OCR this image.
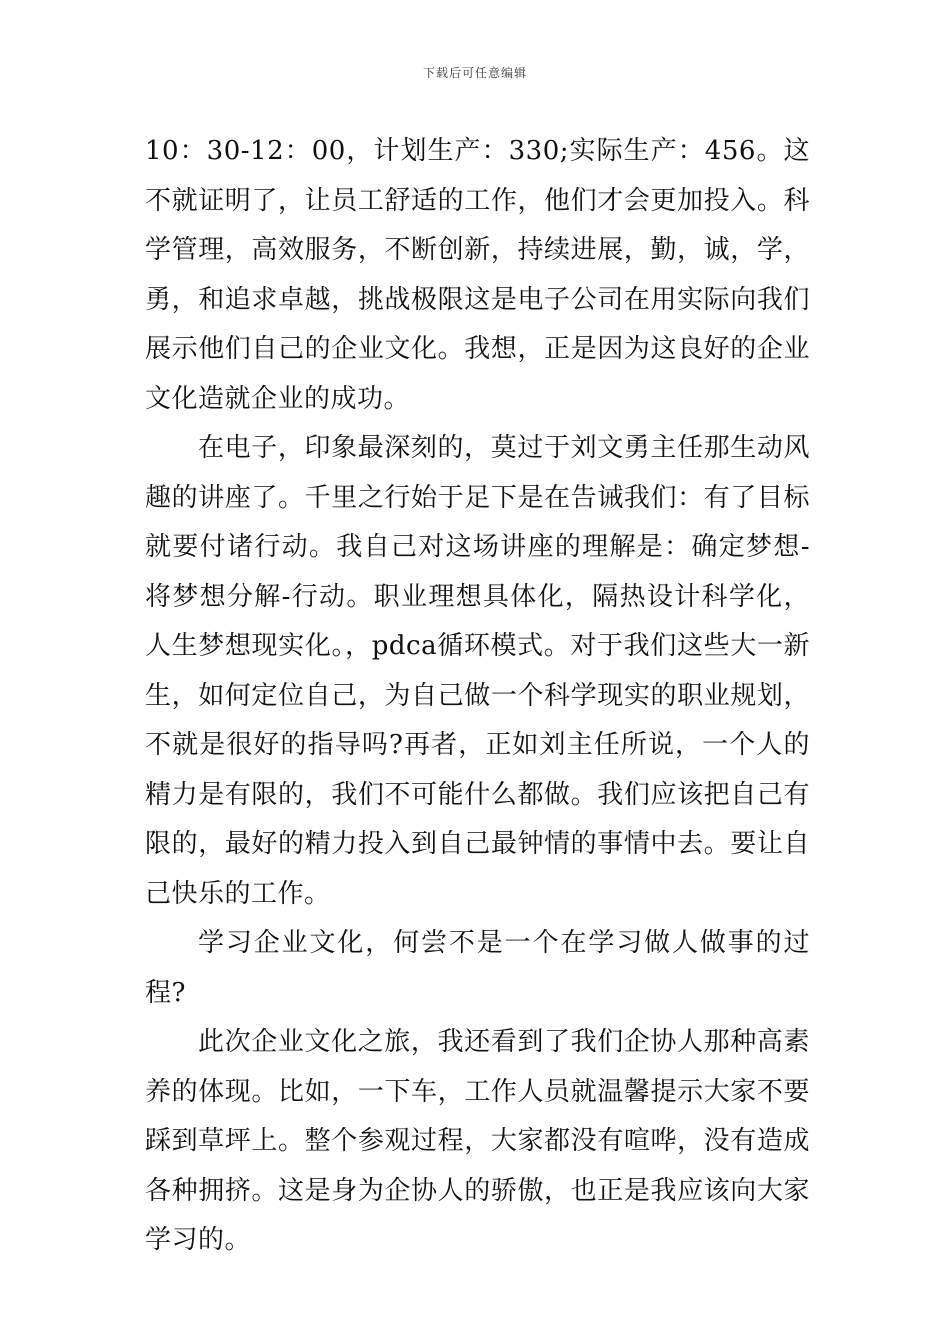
下载后可任意编辑

10：30-12：00，计划生产：330;实际生产：456。这不就证明了，让员工舒适的工作，他们才会更加投入。科学管理，高效服务，不断创新，持续进展，勤，诚，学，勇，和追求卓越，挑战极限这是电子公司在用实际向我们展示他们自己的企业文化。我想，正是因为这良好的企业文化造就企业的成功。

在电子，印象最深刻的，莫过于刘文勇主任那生动风趣的讲座了。千里之行始于足下是在告诫我们：有了目标就要付诸行动。我自己对这场讲座的理解是：确定梦想-将梦想分解-行动。职业理想具体化，隔热设计科学化，人生梦想现实化。，pdca循环模式。对于我们这些大一新生，如何定位自己，为自己做一个科学现实的职业规划，不就是很好的指导吗?再者，正如刘主任所说，一个人的精力是有限的，我们不可能什么都做。我们应该把自己有限的，最好的精力投入到自己最钟情的事情中去。要让自己快乐的工作。

学习企业文化，何尝不是一个在学习做人做事的过程?

此次企业文化之旅，我还看到了我们企协人那种高素养的体现。比如，一下车，工作人员就温馨提示大家不要踩到草坪上。整个参观过程，大家都没有喧哗，没有造成各种拥挤。这是身为企协人的骄傲，也正是我应该向大家学习的。
